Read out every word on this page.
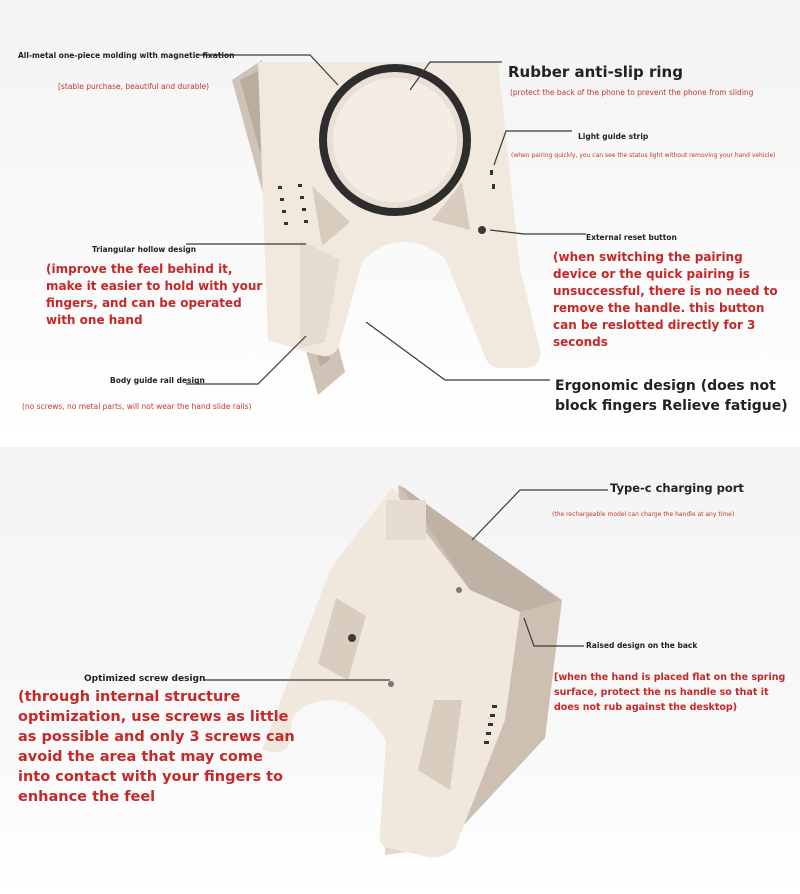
All-metal one-piece molding with magnetic fixation

[stable purchase, beautiful and durable)

Rubber anti-slip ring

(protect the back of the phone to prevent the phone from sliding

Light guide strip

(when pairing quickly, you can see the status light without removing your hand vehicle)

Triangular hollow design

(improve the feel behind it, make it easier to hold with your fingers, and can be operated with one hand

External reset button

(when switching the pairing device or the quick pairing is unsuccessful, there is no need to remove the handle. this button can be reslotted directly for 3 seconds

Body guide rail design

(no screws, no metal parts, will not wear the hand slide rails)

Ergonomic design (does not block fingers Relieve fatigue)

Type-c charging port

(the rechargeable model can charge the handle at any time)

Raised design on the back

[when the hand is placed flat on the spring surface, protect the ns handle so that it does not rub against the desktop)

Optimized screw design

(through internal structure optimization, use screws as little as possible and only 3 screws can avoid the area that may come into contact with your fingers to enhance the feel
